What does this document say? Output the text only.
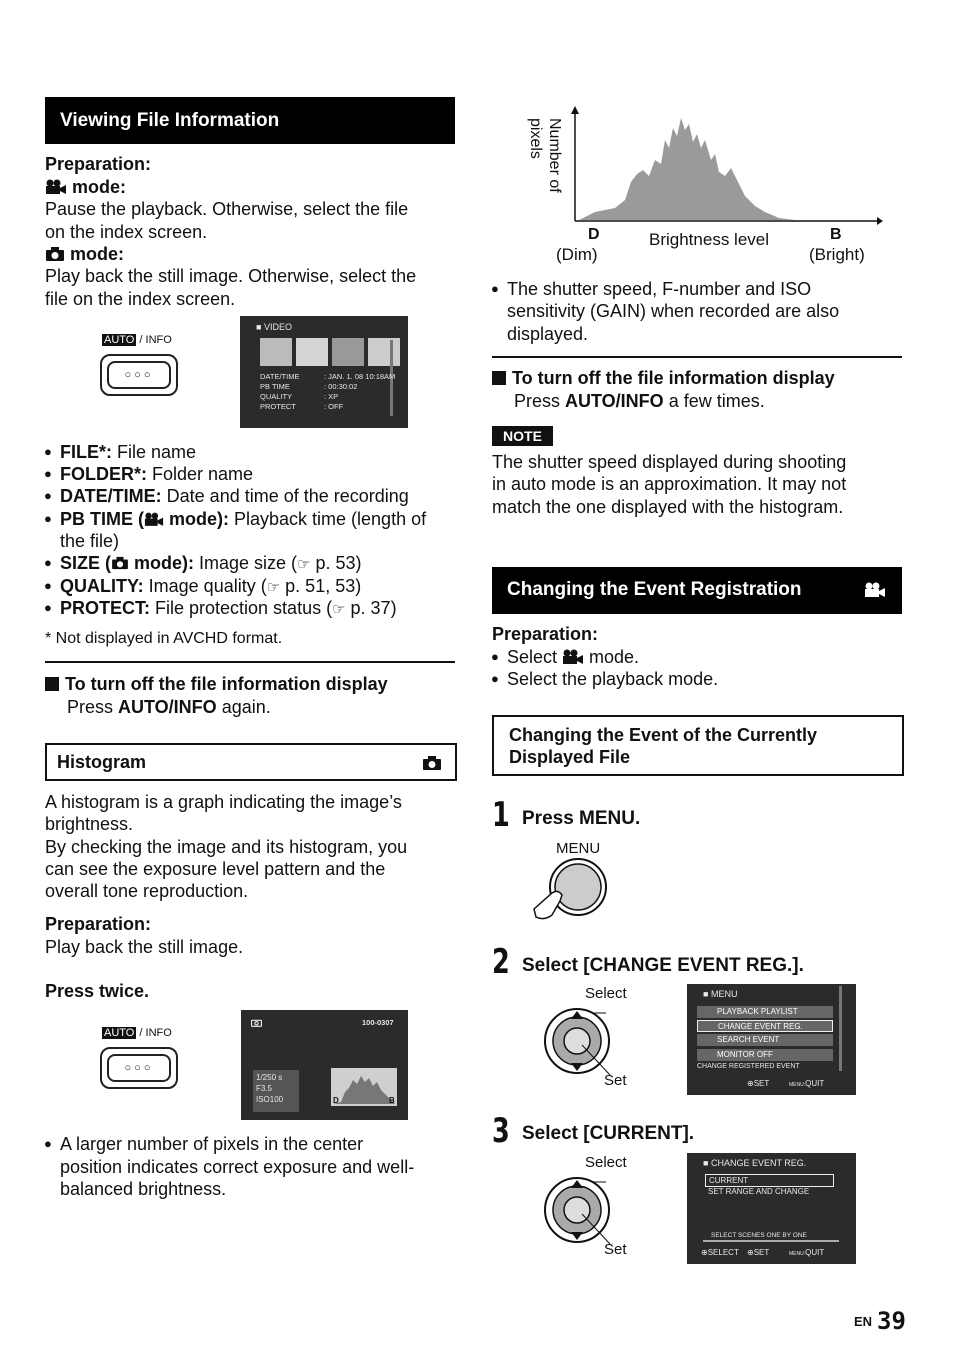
Viewing File Information
Preparation:
mode:
Pause the playback. Otherwise, select the file
on the index screen.
mode:
Play back the still image. Otherwise, select the
file on the index screen.
AUTO / INFO
○○○
■ VIDEO
DATE/TIME
PB TIME
QUALITY
PROTECT
: JAN. 1. 08 10:18AM
: 00:30:02
: XP
: OFF
● FILE*: File name
● FOLDER*: Folder name
● DATE/TIME: Date and time of the recording
● PB TIME ( mode): Playback time (length of
the file)
● SIZE ( mode): Image size (☞ p. 53)
● QUALITY: Image quality (☞ p. 51, 53)
● PROTECT: File protection status (☞ p. 37)
* Not displayed in AVCHD format.
To turn off the file information display
Press AUTO/INFO again.
Histogram
A histogram is a graph indicating the image’s
brightness.
By checking the image and its histogram, you
can see the exposure level pattern and the
overall tone reproduction.
Preparation:
Play back the still image.
Press twice.
AUTO / INFO
○○○
100-0307
1/250 s
F3.5
ISO100	D	B
● A larger number of pixels in the center
position indicates correct exposure and well-
balanced brightness.
Number of
pixels
D
(Dim)
Brightness level	B
(Bright)
● The shutter speed, F-number and ISO
sensitivity (GAIN) when recorded are also
displayed.
To turn off the file information display
Press AUTO/INFO a few times.
NOTE
The shutter speed displayed during shooting
in auto mode is an approximation. It may not
match the one displayed with the histogram.
Changing the Event Registration
Preparation:
● Select  mode.
● Select the playback mode.
Changing the Event of the Currently
Displayed File
1 Press MENU.
MENU
2 Select [CHANGE EVENT REG.].
Select
Set
■ MENU
PLAYBACK PLAYLIST
CHANGE EVENT REG.
SEARCH EVENT
MONITOR OFF
CHANGE REGISTERED EVENT
⊕SET	MENU:QUIT
3 Select [CURRENT].
Select
Set
■ CHANGE EVENT REG.
CURRENT
SET RANGE AND CHANGE
SELECT SCENES ONE BY ONE
⊕SELECT ⊕SET	MENU:QUIT
EN 39
